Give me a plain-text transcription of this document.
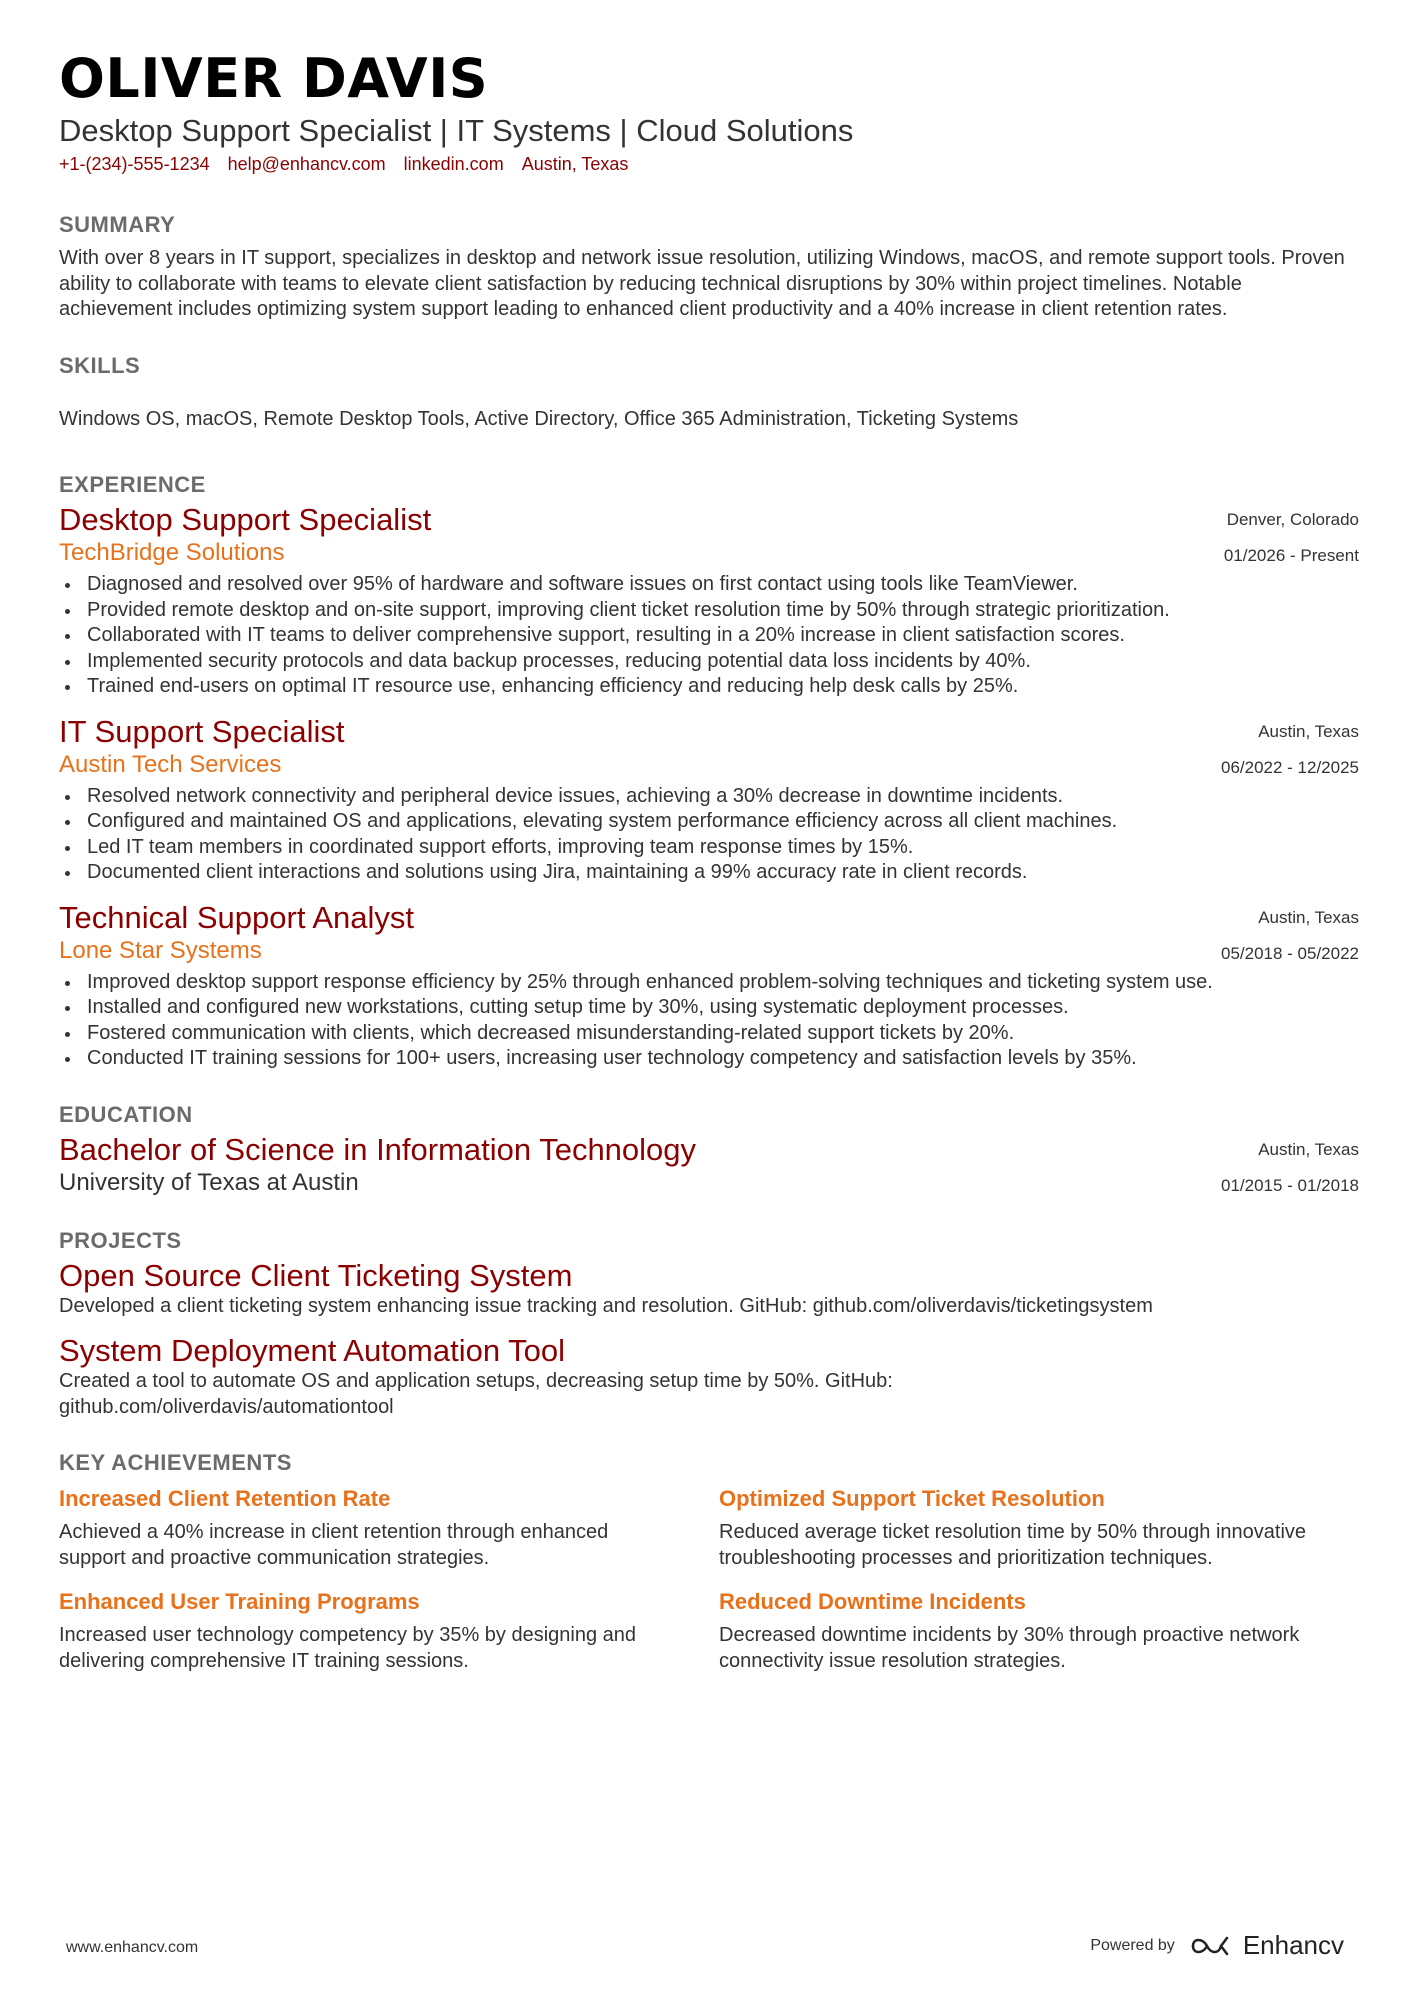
OLIVER DAVIS
Desktop Support Specialist | IT Systems | Cloud Solutions
+1-(234)-555-1234 help@enhancv.com linkedin.com Austin, Texas
SUMMARY
With over 8 years in IT support, specializes in desktop and network issue resolution, utilizing Windows, macOS, and remote support tools. Proven ability to collaborate with teams to elevate client satisfaction by reducing technical disruptions by 30% within project timelines. Notable achievement includes optimizing system support leading to enhanced client productivity and a 40% increase in client retention rates.
SKILLS
Windows OS, macOS, Remote Desktop Tools, Active Directory, Office 365 Administration, Ticketing Systems
EXPERIENCE
Desktop Support Specialist
TechBridge Solutions
Denver, Colorado
01/2026 - Present
Diagnosed and resolved over 95% of hardware and software issues on first contact using tools like TeamViewer.
Provided remote desktop and on-site support, improving client ticket resolution time by 50% through strategic prioritization.
Collaborated with IT teams to deliver comprehensive support, resulting in a 20% increase in client satisfaction scores.
Implemented security protocols and data backup processes, reducing potential data loss incidents by 40%.
Trained end-users on optimal IT resource use, enhancing efficiency and reducing help desk calls by 25%.
IT Support Specialist
Austin Tech Services
Austin, Texas
06/2022 - 12/2025
Resolved network connectivity and peripheral device issues, achieving a 30% decrease in downtime incidents.
Configured and maintained OS and applications, elevating system performance efficiency across all client machines.
Led IT team members in coordinated support efforts, improving team response times by 15%.
Documented client interactions and solutions using Jira, maintaining a 99% accuracy rate in client records.
Technical Support Analyst
Lone Star Systems
Austin, Texas
05/2018 - 05/2022
Improved desktop support response efficiency by 25% through enhanced problem-solving techniques and ticketing system use.
Installed and configured new workstations, cutting setup time by 30%, using systematic deployment processes.
Fostered communication with clients, which decreased misunderstanding-related support tickets by 20%.
Conducted IT training sessions for 100+ users, increasing user technology competency and satisfaction levels by 35%.
EDUCATION
Bachelor of Science in Information Technology
University of Texas at Austin
Austin, Texas
01/2015 - 01/2018
PROJECTS
Open Source Client Ticketing System
Developed a client ticketing system enhancing issue tracking and resolution. GitHub: github.com/oliverdavis/ticketingsystem
System Deployment Automation Tool
Created a tool to automate OS and application setups, decreasing setup time by 50%. GitHub: github.com/oliverdavis/automationtool
KEY ACHIEVEMENTS
Increased Client Retention Rate
Achieved a 40% increase in client retention through enhanced support and proactive communication strategies.
Optimized Support Ticket Resolution
Reduced average ticket resolution time by 50% through innovative troubleshooting processes and prioritization techniques.
Enhanced User Training Programs
Increased user technology competency by 35% by designing and delivering comprehensive IT training sessions.
Reduced Downtime Incidents
Decreased downtime incidents by 30% through proactive network connectivity issue resolution strategies.
www.enhancv.com	Powered by	Enhancv
